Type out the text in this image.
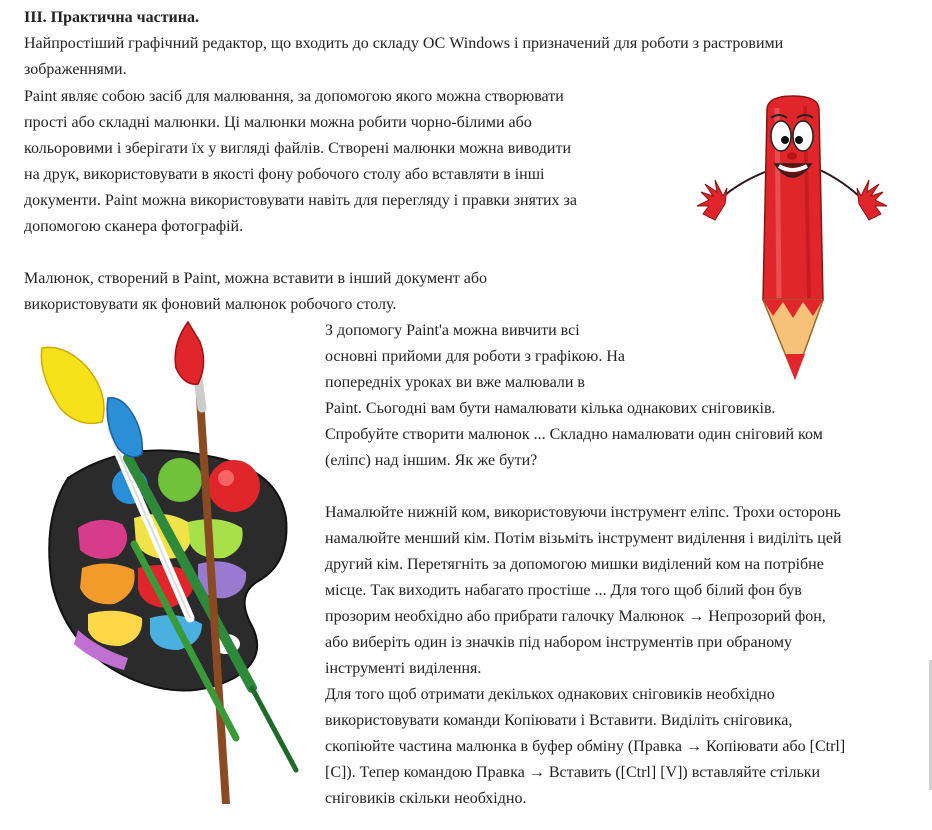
ІІІ. Практична частина.

Найпростіший графічний редактор, що входить до складу ОС Windows і призначений для роботи з растровими

зображеннями.

Paint являє собою засіб для малювання, за допомогою якого можна створювати

прості або складні малюнки. Ці малюнки можна робити чорно-білими або

кольоровими і зберігати їх у вигляді файлів. Створені малюнки можна виводити

на друк, використовувати в якості фону робочого столу або вставляти в інші

документи. Paint можна використовувати навіть для перегляду і правки знятих за

допомогою сканера фотографій.

Малюнок, створений в Paint, можна вставити в інший документ або

використовувати як фоновий малюнок робочого столу.

З допомогу Paint'а можна вивчити всі

основні прийоми для роботи з графікою. На

попередніх уроках ви вже малювали в

Paint. Сьогодні вам бути намалювати кілька однакових сніговиків.

Спробуйте створити малюнок ... Складно намалювати один сніговий ком

(еліпс) над іншим. Як же бути?

Намалюйте нижній ком, використовуючи інструмент еліпс. Трохи осторонь

намалюйте менший кім. Потім візьміть інструмент виділення і виділіть цей

другий кім. Перетягніть за допомогою мишки виділений ком на потрібне

місце. Так виходить набагато простіше ... Для того щоб білий фон був

прозорим необхідно або прибрати галочку Малюнок → Непрозорий фон,

або виберіть один із значків під набором інструментів при обраному

інструменті виділення.

Для того щоб отримати декількох однакових сніговиків необхідно

використовувати команди Копіювати і Вставити. Виділіть сніговика,

скопіюйте частина малюнка в буфер обміну (Правка → Копіювати або [Ctrl]

[C]). Тепер командою Правка → Вставить ([Ctrl] [V]) вставляйте стільки

сніговиків скільки необхідно.
